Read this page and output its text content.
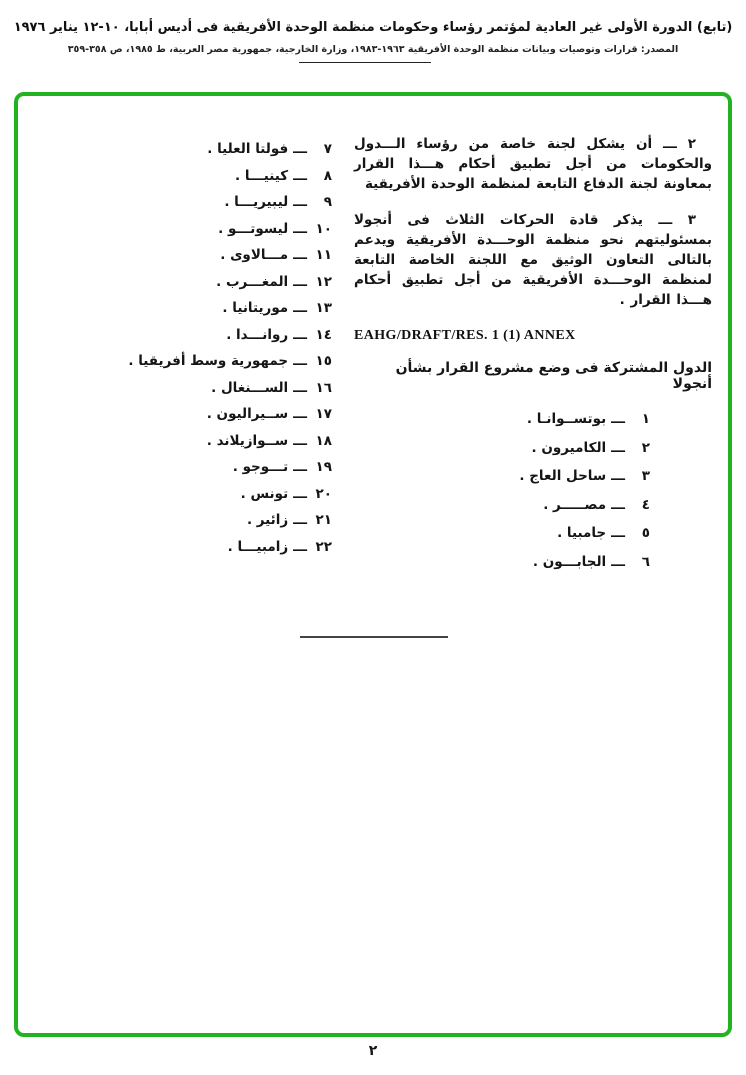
(تابع) الدورة الأولى غير العادية لمؤتمر رؤساء وحكومات منظمة الوحدة الأفريقية فى أديس أبابا، ١٠-١٢ يناير ١٩٧٦
المصدر: قرارات وتوصيات وبيانات منظمة الوحدة الأفريقية ١٩٦٣-١٩٨٣، وزارة الخارجية، جمهورية مصر العربية، ط ١٩٨٥، ص ٣٥٨-٣٥٩

٢ ـــ أن يشكل لجنة خاصة من رؤساء الـــدول والحكومات من أجل تطبيق أحكام هـــذا القرار بمعاونة لجنة الدفاع التابعة لمنظمة الوحدة الأفريقية

٣ ـــ يذكر قادة الحركات الثلاث فى أنجولا بمسئوليتهم نحو منظمة الوحـــدة الأفريقية ويدعم بالتالى التعاون الوثيق مع اللجنة الخاصة التابعة لمنظمة الوحـــدة الأفريقية من أجل تطبيق أحكام هـــذا القرار .

EAHG/DRAFT/RES. 1 (1) ANNEX
الدول المشتركة فى وضع مشروع القرار بشأن أنجولا
١
ـــ
بوتســوانـا .
٢
ـــ
الكاميرون .
٣
ـــ
ساحل العاج .
٤
ـــ
مصـــــر .
٥
ـــ
جامبيا .
٦
ـــ
الجابـــون .
٧
ـــ
فولتا العليا .
٨
ـــ
كينيـــا .
٩
ـــ
ليبيريـــا .
١٠
ـــ
ليسوتـــو .
١١
ـــ
مـــالاوى .
١٢
ـــ
المغـــرب .
١٣
ـــ
موريتانيا .
١٤
ـــ
روانـــدا .
١٥
ـــ
جمهورية وسط أفريقيا .
١٦
ـــ
الســـنغال .
١٧
ـــ
ســيراليون .
١٨
ـــ
ســوازيلاند .
١٩
ـــ
تـــوجو .
٢٠
ـــ
تونس .
٢١
ـــ
زائير .
٢٢
ـــ
زامبيـــا .
٢
